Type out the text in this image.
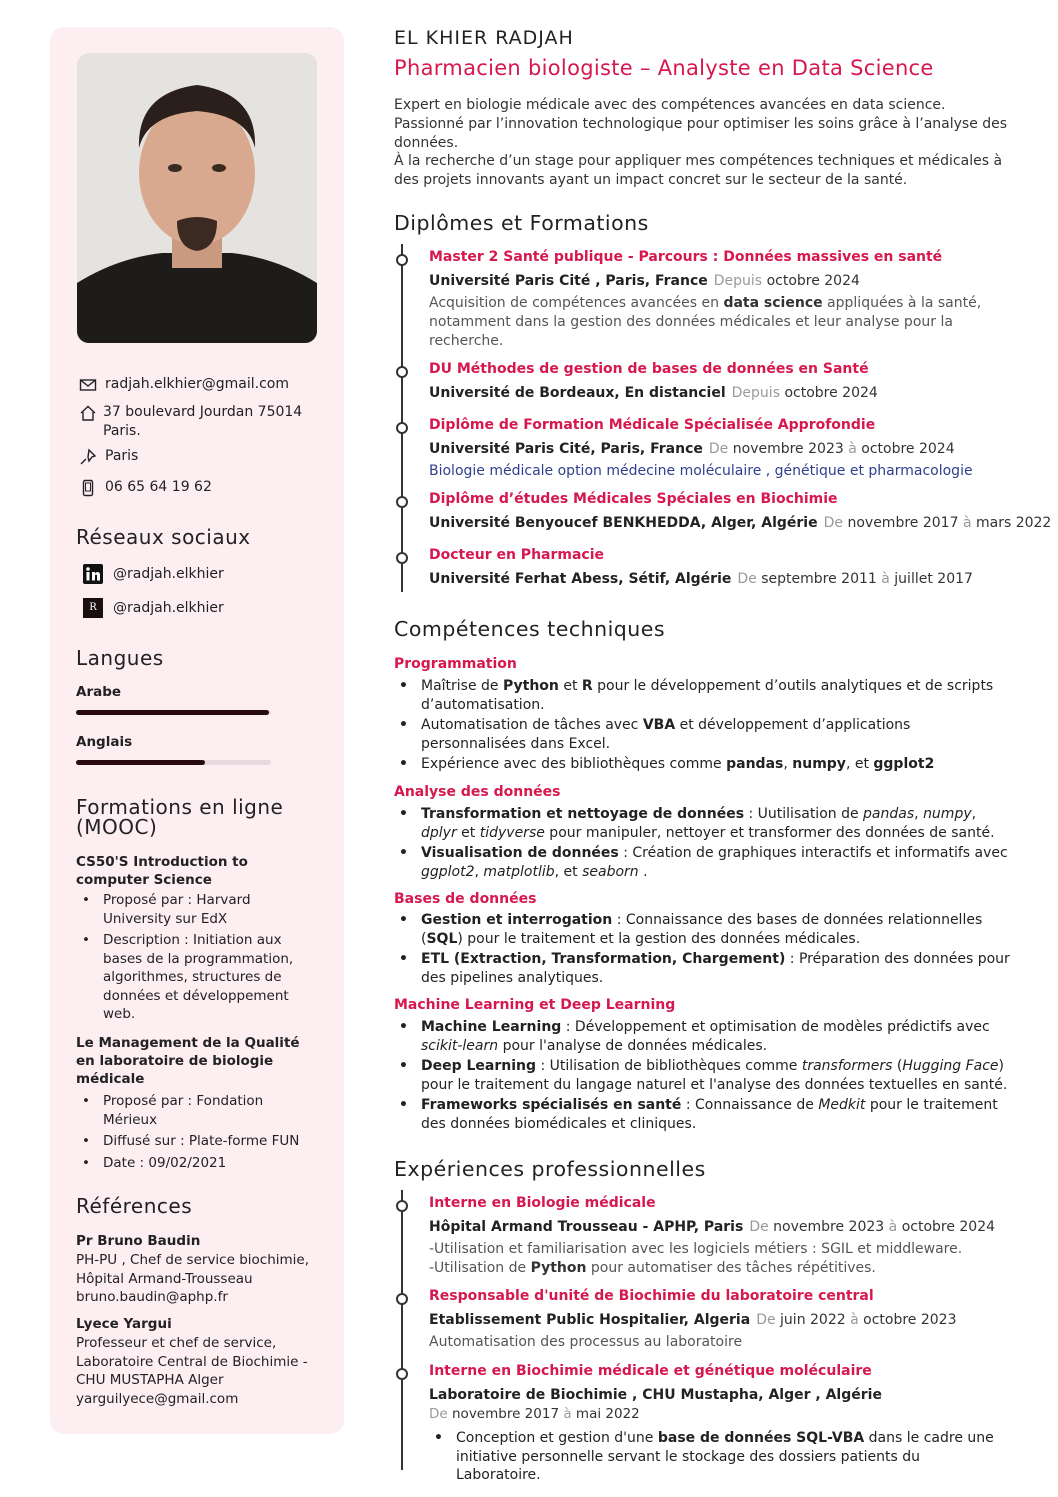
radjah.elkhier@gmail.com
37 boulevard Jourdan 75014 Paris.
Paris
06 65 64 19 62
Réseaux sociaux
@radjah.elkhier
R	@radjah.elkhier
Langues
Arabe
Anglais
Formations en ligne (MOOC)
CS50'S Introduction to computer Science
• Proposé par : Harvard University sur EdX
• Description : Initiation aux bases de la programmation, algorithmes, structures de données et développement web.
Le Management de la Qualité en laboratoire de biologie médicale
• Proposé par : Fondation Mérieux
• Diffusé sur : Plate-forme FUN
• Date : 09/02/2021
Références
Pr Bruno Baudin
PH-PU , Chef de service biochimie,
Hôpital Armand-Trousseau
bruno.baudin@aphp.fr
Lyece Yargui
Professeur et chef de service,
Laboratoire Central de Biochimie -
CHU MUSTAPHA Alger
yarguilyece@gmail.com
EL KHIER RADJAH
Pharmacien biologiste – Analyste en Data Science
Expert en biologie médicale avec des compétences avancées en data science. Passionné par l’innovation technologique pour optimiser les soins grâce à l’analyse des données.
À la recherche d’un stage pour appliquer mes compétences techniques et médicales à des projets innovants ayant un impact concret sur le secteur de la santé.
Diplômes et Formations
Master 2 Santé publique - Parcours : Données massives en santé
Université Paris Cité , Paris, France Depuis octobre 2024
Acquisition de compétences avancées en data science appliquées à la santé, notamment dans la gestion des données médicales et leur analyse pour la recherche.
DU Méthodes de gestion de bases de données en Santé
Université de Bordeaux, En distanciel Depuis octobre 2024
Diplôme de Formation Médicale Spécialisée Approfondie
Université Paris Cité, Paris, France De novembre 2023 à octobre 2024
Biologie médicale option médecine moléculaire , génétique et pharmacologie
Diplôme d’études Médicales Spéciales en Biochimie
Université Benyoucef BENKHEDDA, Alger, Algérie De novembre 2017 à mars 2022
Docteur en Pharmacie
Université Ferhat Abess, Sétif, Algérie De septembre 2011 à juillet 2017
Compétences techniques
Programmation
• Maîtrise de Python et R pour le développement d’outils analytiques et de scripts d’automatisation.
• Automatisation de tâches avec VBA et développement d’applications personnalisées dans Excel.
• Expérience avec des bibliothèques comme pandas, numpy, et ggplot2
Analyse des données
• Transformation et nettoyage de données : Uutilisation de pandas, numpy, dplyr et tidyverse pour manipuler, nettoyer et transformer des données de santé.
• Visualisation de données : Création de graphiques interactifs et informatifs avec ggplot2, matplotlib, et seaborn .
Bases de données
• Gestion et interrogation : Connaissance des bases de données relationnelles (SQL) pour le traitement et la gestion des données médicales.
• ETL (Extraction, Transformation, Chargement) : Préparation des données pour des pipelines analytiques.
Machine Learning et Deep Learning
• Machine Learning : Développement et optimisation de modèles prédictifs avec scikit-learn pour l'analyse de données médicales.
• Deep Learning : Utilisation de bibliothèques comme transformers (Hugging Face) pour le traitement du langage naturel et l'analyse des données textuelles en santé.
• Frameworks spécialisés en santé : Connaissance de Medkit pour le traitement des données biomédicales et cliniques.
Expériences professionnelles
Interne en Biologie médicale
Hôpital Armand Trousseau - APHP, Paris De novembre 2023 à octobre 2024
-Utilisation et familiarisation avec les logiciels métiers : SGIL et middleware.
-Utilisation de Python pour automatiser des tâches répétitives.
Responsable d'unité de Biochimie du laboratoire central
Etablissement Public Hospitalier, Algeria De juin 2022 à octobre 2023
Automatisation des processus au laboratoire
Interne en Biochimie médicale et génétique moléculaire
Laboratoire de Biochimie , CHU Mustapha, Alger , Algérie
De novembre 2017 à mai 2022
• Conception et gestion d'une base de données SQL-VBA dans le cadre une initiative personnelle servant le stockage des dossiers patients du Laboratoire.
